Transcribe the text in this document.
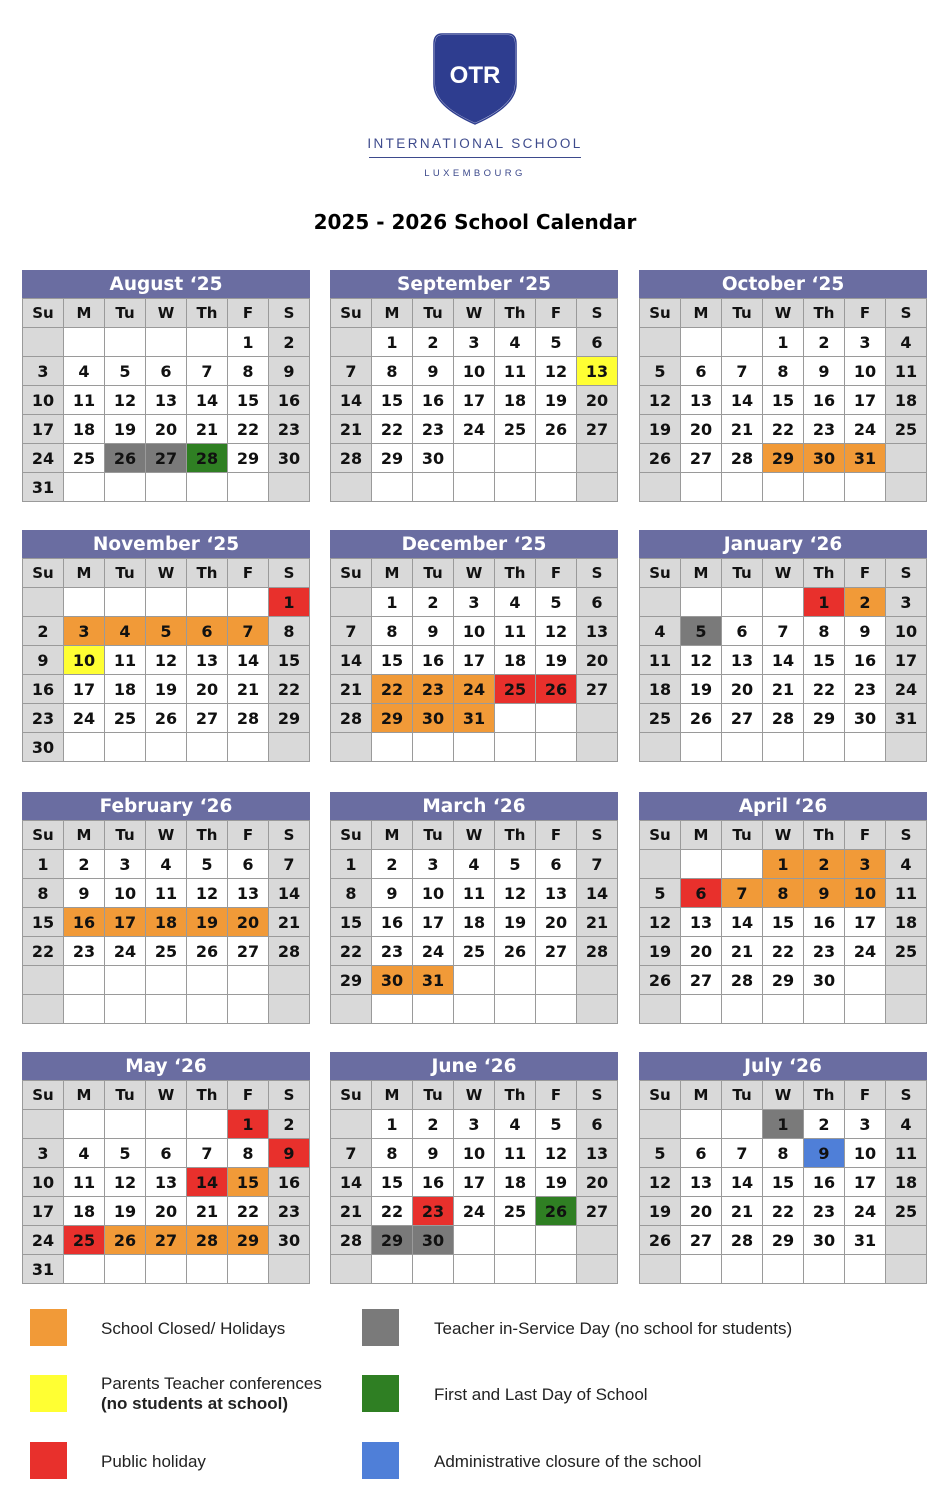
OTR
INTERNATIONAL SCHOOL
LUXEMBOURG
2025 - 2026 School Calendar
August ‘25
Su	M	Tu	W	Th	F	S
					1	2
3	4	5	6	7	8	9
10	11	12	13	14	15	16
17	18	19	20	21	22	23
24	25	26	27	28	29	30
31						
September ‘25
Su	M	Tu	W	Th	F	S
	1	2	3	4	5	6
7	8	9	10	11	12	13
14	15	16	17	18	19	20
21	22	23	24	25	26	27
28	29	30				

October ‘25
Su	M	Tu	W	Th	F	S
			1	2	3	4
5	6	7	8	9	10	11
12	13	14	15	16	17	18
19	20	21	22	23	24	25
26	27	28	29	30	31	

November ‘25
Su	M	Tu	W	Th	F	S
						1
2	3	4	5	6	7	8
9	10	11	12	13	14	15
16	17	18	19	20	21	22
23	24	25	26	27	28	29
30						
December ‘25
Su	M	Tu	W	Th	F	S
	1	2	3	4	5	6
7	8	9	10	11	12	13
14	15	16	17	18	19	20
21	22	23	24	25	26	27
28	29	30	31			

January ‘26
Su	M	Tu	W	Th	F	S
				1	2	3
4	5	6	7	8	9	10
11	12	13	14	15	16	17
18	19	20	21	22	23	24
25	26	27	28	29	30	31

February ‘26
Su	M	Tu	W	Th	F	S
1	2	3	4	5	6	7
8	9	10	11	12	13	14
15	16	17	18	19	20	21
22	23	24	25	26	27	28

March ‘26
Su	M	Tu	W	Th	F	S
1	2	3	4	5	6	7
8	9	10	11	12	13	14
15	16	17	18	19	20	21
22	23	24	25	26	27	28
29	30	31				

April ‘26
Su	M	Tu	W	Th	F	S
			1	2	3	4
5	6	7	8	9	10	11
12	13	14	15	16	17	18
19	20	21	22	23	24	25
26	27	28	29	30		

May ‘26
Su	M	Tu	W	Th	F	S
					1	2
3	4	5	6	7	8	9
10	11	12	13	14	15	16
17	18	19	20	21	22	23
24	25	26	27	28	29	30
31						
June ‘26
Su	M	Tu	W	Th	F	S
	1	2	3	4	5	6
7	8	9	10	11	12	13
14	15	16	17	18	19	20
21	22	23	24	25	26	27
28	29	30				

July ‘26
Su	M	Tu	W	Th	F	S
			1	2	3	4
5	6	7	8	9	10	11
12	13	14	15	16	17	18
19	20	21	22	23	24	25
26	27	28	29	30	31	

School Closed/ Holidays	Teacher in-Service Day (no school for students)
Parents Teacher conferences
(no students at school)	First and Last Day of School
Public holiday	Administrative closure of the school
